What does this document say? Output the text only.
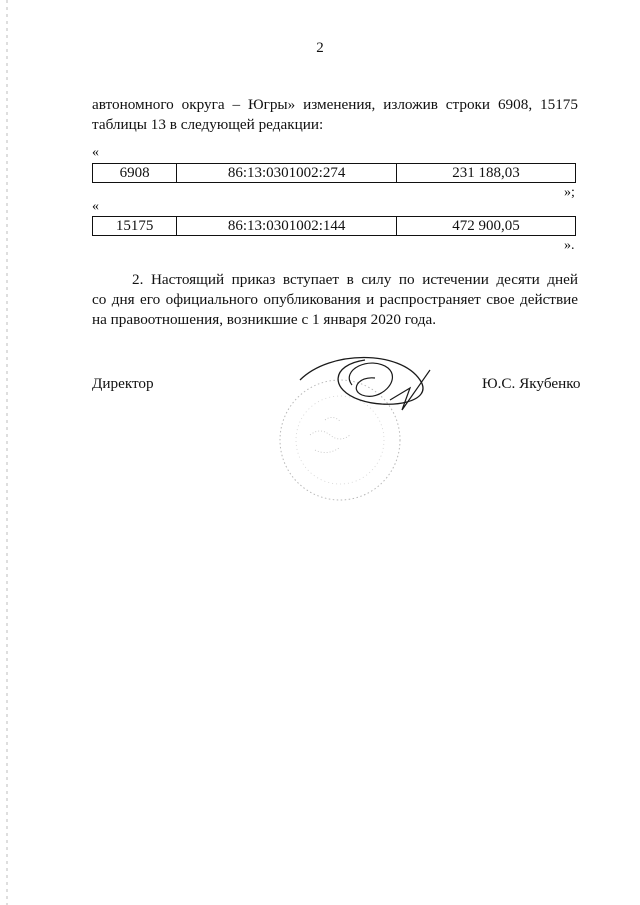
2
автономного округа – Югры» изменения, изложив строки 6908, 15175
таблицы 13 в следующей редакции:
«
6908	86:13:0301002:274	231 188,03
»;
«
15175	86:13:0301002:144	472 900,05
».
2. Настоящий приказ вступает в силу по истечении десяти дней
со дня его официального опубликования и распространяет свое действие
на правоотношения, возникшие с 1 января 2020 года.
Директор	Ю.С. Якубенко
